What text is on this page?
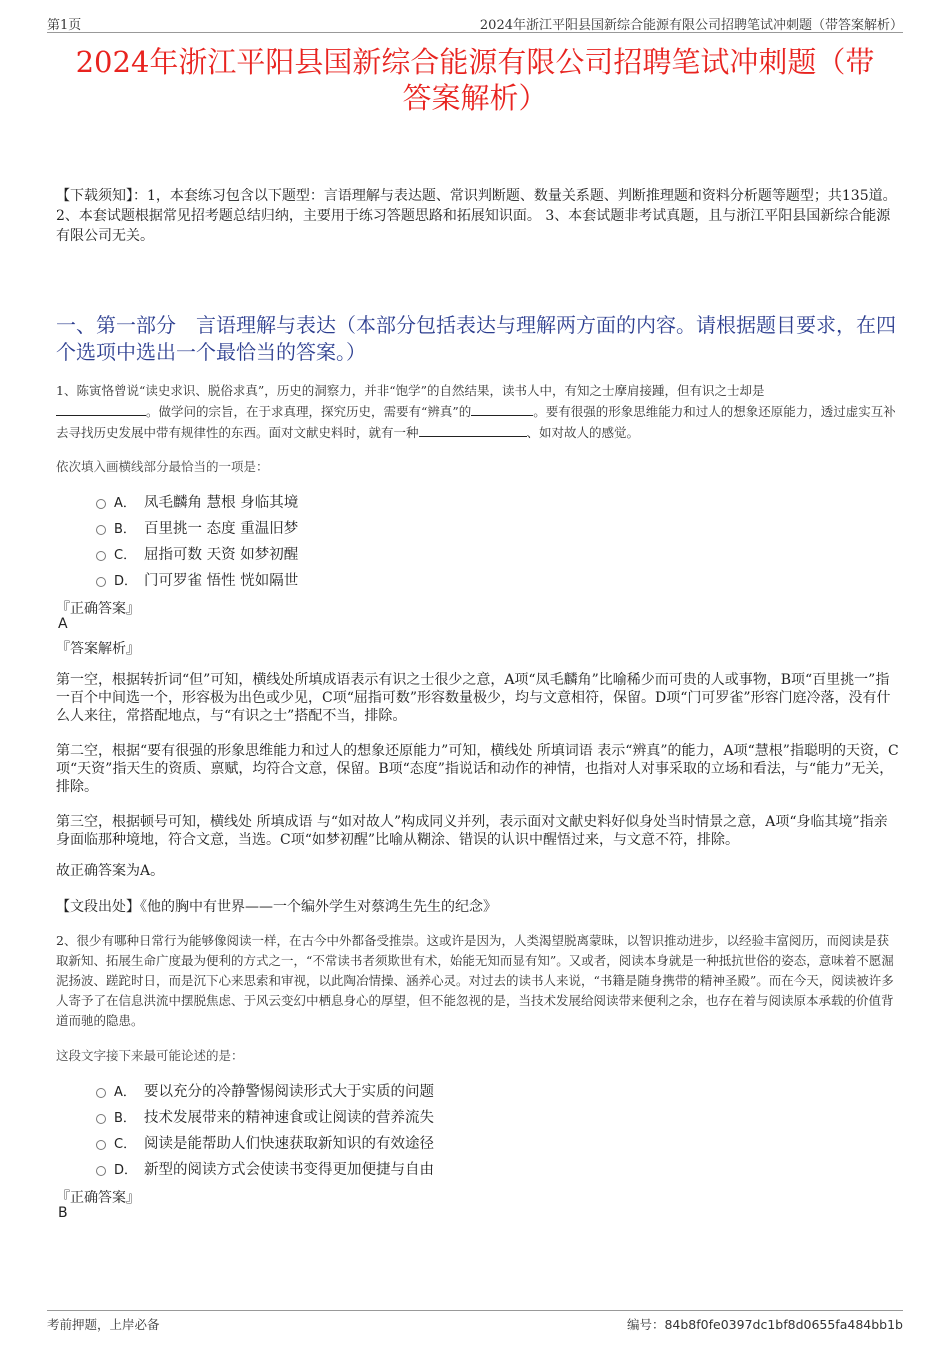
第1页	2024年浙江平阳县国新综合能源有限公司招聘笔试冲刺题（带答案解析）
2024年浙江平阳县国新综合能源有限公司招聘笔试冲刺题（带
答案解析）
【下载须知】：1，本套练习包含以下题型：言语理解与表达题、常识判断题、数量关系题、判断推理题和资料分析题等题型；共135道。 2、本套试题根据常见招考题总结归纳，主要用于练习答题思路和拓展知识面。 3、本套试题非考试真题，且与浙江平阳县国新综合能源有限公司无关。
一、第一部分　言语理解与表达（本部分包括表达与理解两方面的内容。请根据题目要求，在四个选项中选出一个最恰当的答案。）
1、陈寅恪曾说“读史求识、脱俗求真”，历史的洞察力，并非“饱学”的自然结果，读书人中，有知之士摩肩接踵，但有识之士却是
。做学问的宗旨，在于求真理，探究历史，需要有“辨真”的	。要有很强的形象思维能力和过人的想象还原能力，透过虚实互补去寻找历史发展中带有规律性的东西。面对文献史料时，就有一种	、如对故人的感觉。
依次填入画横线部分最恰当的一项是：
A． 凤毛麟角 慧根 身临其境
B． 百里挑一 态度 重温旧梦
C． 屈指可数 天资 如梦初醒
D． 门可罗雀 悟性 恍如隔世
『正确答案』
A
『答案解析』
第一空，根据转折词“但”可知，横线处所填成语表示有识之士很少之意，A项“凤毛麟角”比喻稀少而可贵的人或事物，B项“百里挑一”指一百个中间选一个，形容极为出色或少见，C项“屈指可数”形容数量极少，均与文意相符，保留。D项“门可罗雀”形容门庭冷落，没有什么人来往，常搭配地点，与“有识之士”搭配不当，排除。
第二空，根据“要有很强的形象思维能力和过人的想象还原能力”可知，横线处 所填词语 表示“辨真”的能力，A项“慧根”指聪明的天资，C项“天资”指天生的资质、禀赋，均符合文意，保留。B项“态度”指说话和动作的神情，也指对人对事采取的立场和看法，与“能力”无关，排除。
第三空，根据顿号可知，横线处 所填成语 与“如对故人”构成同义并列，表示面对文献史料好似身处当时情景之意，A项“身临其境”指亲身面临那种境地，符合文意，当选。C项“如梦初醒”比喻从糊涂、错误的认识中醒悟过来，与文意不符，排除。
故正确答案为A。
【文段出处】《他的胸中有世界——一个编外学生对蔡鸿生先生的纪念》
2、很少有哪种日常行为能够像阅读一样，在古今中外都备受推崇。这或许是因为，人类渴望脱离蒙昧，以智识推动进步，以经验丰富阅历，而阅读是获取新知、拓展生命广度最为便利的方式之一，“不常读书者须欺世有术，始能无知而显有知”。又或者，阅读本身就是一种抵抗世俗的姿态，意味着不愿淈泥扬波、蹉跎时日，而是沉下心来思索和审视，以此陶冶情操、涵养心灵。对过去的读书人来说，“书籍是随身携带的精神圣殿”。而在今天，阅读被许多人寄予了在信息洪流中摆脱焦虑、于风云变幻中栖息身心的厚望，但不能忽视的是，当技术发展给阅读带来便利之余，也存在着与阅读原本承载的价值背道而驰的隐患。
这段文字接下来最可能论述的是：
A． 要以充分的冷静警惕阅读形式大于实质的问题
B． 技术发展带来的精神速食或让阅读的营养流失
C． 阅读是能帮助人们快速获取新知识的有效途径
D． 新型的阅读方式会使读书变得更加便捷与自由
『正确答案』
B
考前押题，上岸必备	编号：84b8f0fe0397dc1bf8d0655fa484bb1b
